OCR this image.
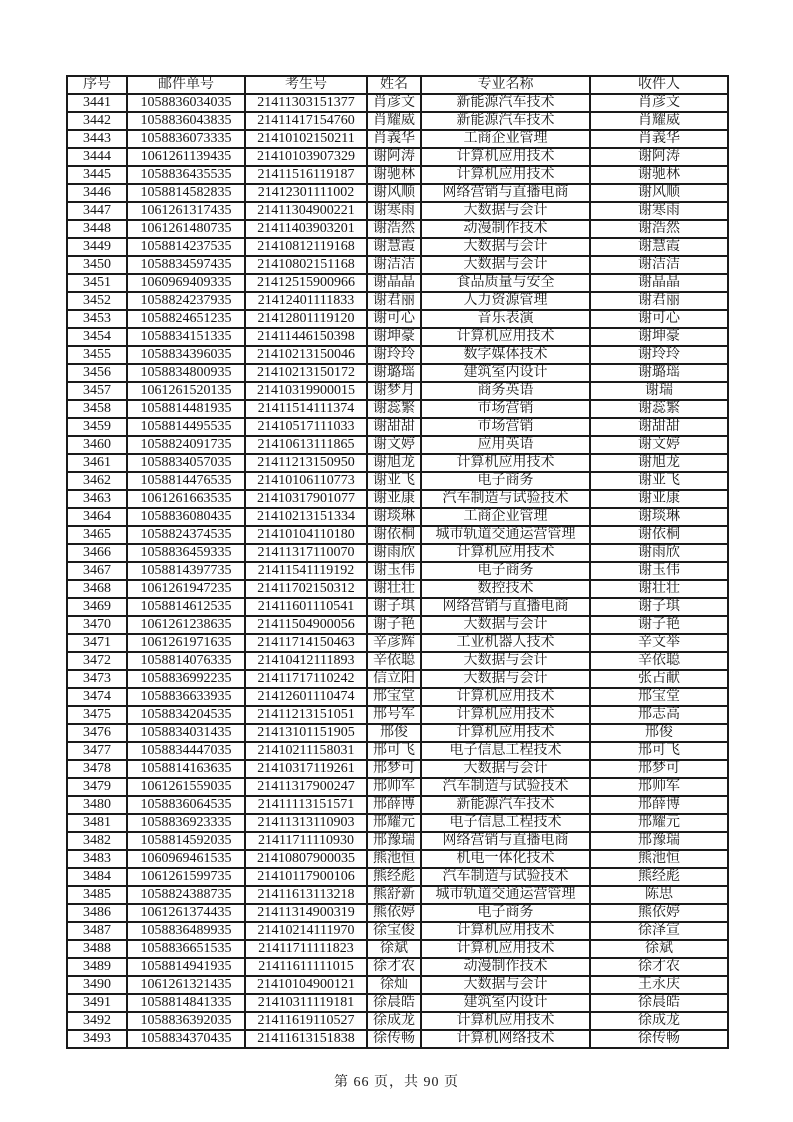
序号	邮件单号	考生号	姓名	专业名称	收件人
3441	1058836034035	21411303151377	肖彦文	新能源汽车技术	肖彦文
3442	1058836043835	21411417154760	肖耀威	新能源汽车技术	肖耀威
3443	1058836073335	21410102150211	肖義华	工商企业管理	肖義华
3444	1061261139435	21410103907329	谢阿涛	计算机应用技术	谢阿涛
3445	1058836435535	21411516119187	谢驰林	计算机应用技术	谢驰林
3446	1058814582835	21412301111002	谢风顺	网络营销与直播电商	谢风顺
3447	1061261317435	21411304900221	谢寒雨	大数据与会计	谢寒雨
3448	1061261480735	21411403903201	谢浩然	动漫制作技术	谢浩然
3449	1058814237535	21410812119168	谢慧霞	大数据与会计	谢慧霞
3450	1058834597435	21410802151168	谢洁洁	大数据与会计	谢洁洁
3451	1060969409335	21412515900966	谢晶晶	食品质量与安全	谢晶晶
3452	1058824237935	21412401111833	谢君丽	人力资源管理	谢君丽
3453	1058824651235	21412801119120	谢可心	音乐表演	谢可心
3454	1058834151335	21411446150398	谢坤豪	计算机应用技术	谢坤豪
3455	1058834396035	21410213150046	谢玲玲	数字媒体技术	谢玲玲
3456	1058834800935	21410213150172	谢璐瑶	建筑室内设计	谢璐瑶
3457	1061261520135	21410319900015	谢梦月	商务英语	谢瑞
3458	1058814481935	21411514111374	谢蕊繁	市场营销	谢蕊繁
3459	1058814495535	21410517111033	谢甜甜	市场营销	谢甜甜
3460	1058824091735	21410613111865	谢文婷	应用英语	谢文婷
3461	1058834057035	21411213150950	谢旭龙	计算机应用技术	谢旭龙
3462	1058814476535	21410106110773	谢亚飞	电子商务	谢亚飞
3463	1061261663535	21410317901077	谢亚康	汽车制造与试验技术	谢亚康
3464	1058836080435	21410213151334	谢琰琳	工商企业管理	谢琰琳
3465	1058824374535	21410104110180	谢依桐	城市轨道交通运营管理	谢依桐
3466	1058836459335	21411317110070	谢雨欣	计算机应用技术	谢雨欣
3467	1058814397735	21411541119192	谢玉伟	电子商务	谢玉伟
3468	1061261947235	21411702150312	谢壮壮	数控技术	谢壮壮
3469	1058814612535	21411601110541	谢子琪	网络营销与直播电商	谢子琪
3470	1061261238635	21411504900056	谢子艳	大数据与会计	谢子艳
3471	1061261971635	21411714150463	辛彦辉	工业机器人技术	辛文举
3472	1058814076335	21410412111893	辛依聪	大数据与会计	辛依聪
3473	1058836992235	21411717110242	信立阳	大数据与会计	张占献
3474	1058836633935	21412601110474	邢宝堂	计算机应用技术	邢宝堂
3475	1058834204535	21411213151051	邢号军	计算机应用技术	邢志高
3476	1058834031435	21413101151905	邢俊	计算机应用技术	邢俊
3477	1058834447035	21410211158031	邢可飞	电子信息工程技术	邢可飞
3478	1058814163635	21410317119261	邢梦可	大数据与会计	邢梦可
3479	1061261559035	21411317900247	邢帅军	汽车制造与试验技术	邢帅军
3480	1058836064535	21411113151571	邢薛博	新能源汽车技术	邢薛博
3481	1058836923335	21411313110903	邢耀元	电子信息工程技术	邢耀元
3482	1058814592035	21411711110930	邢豫瑞	网络营销与直播电商	邢豫瑞
3483	1060969461535	21410807900035	熊池恒	机电一体化技术	熊池恒
3484	1061261599735	21410117900106	熊经彪	汽车制造与试验技术	熊经彪
3485	1058824388735	21411613113218	熊舒新	城市轨道交通运营管理	陈思
3486	1061261374435	21411314900319	熊依婷	电子商务	熊依婷
3487	1058836489935	21410214111970	徐宝俊	计算机应用技术	徐泽宣
3488	1058836651535	21411711111823	徐斌	计算机应用技术	徐斌
3489	1058814941935	21411611111015	徐才农	动漫制作技术	徐才农
3490	1061261321435	21410104900121	徐灿	大数据与会计	王永庆
3491	1058814841335	21410311119181	徐晨皓	建筑室内设计	徐晨皓
3492	1058836392035	21411619110527	徐成龙	计算机应用技术	徐成龙
3493	1058834370435	21411613151838	徐传畅	计算机网络技术	徐传畅
第 66 页，共 90 页
